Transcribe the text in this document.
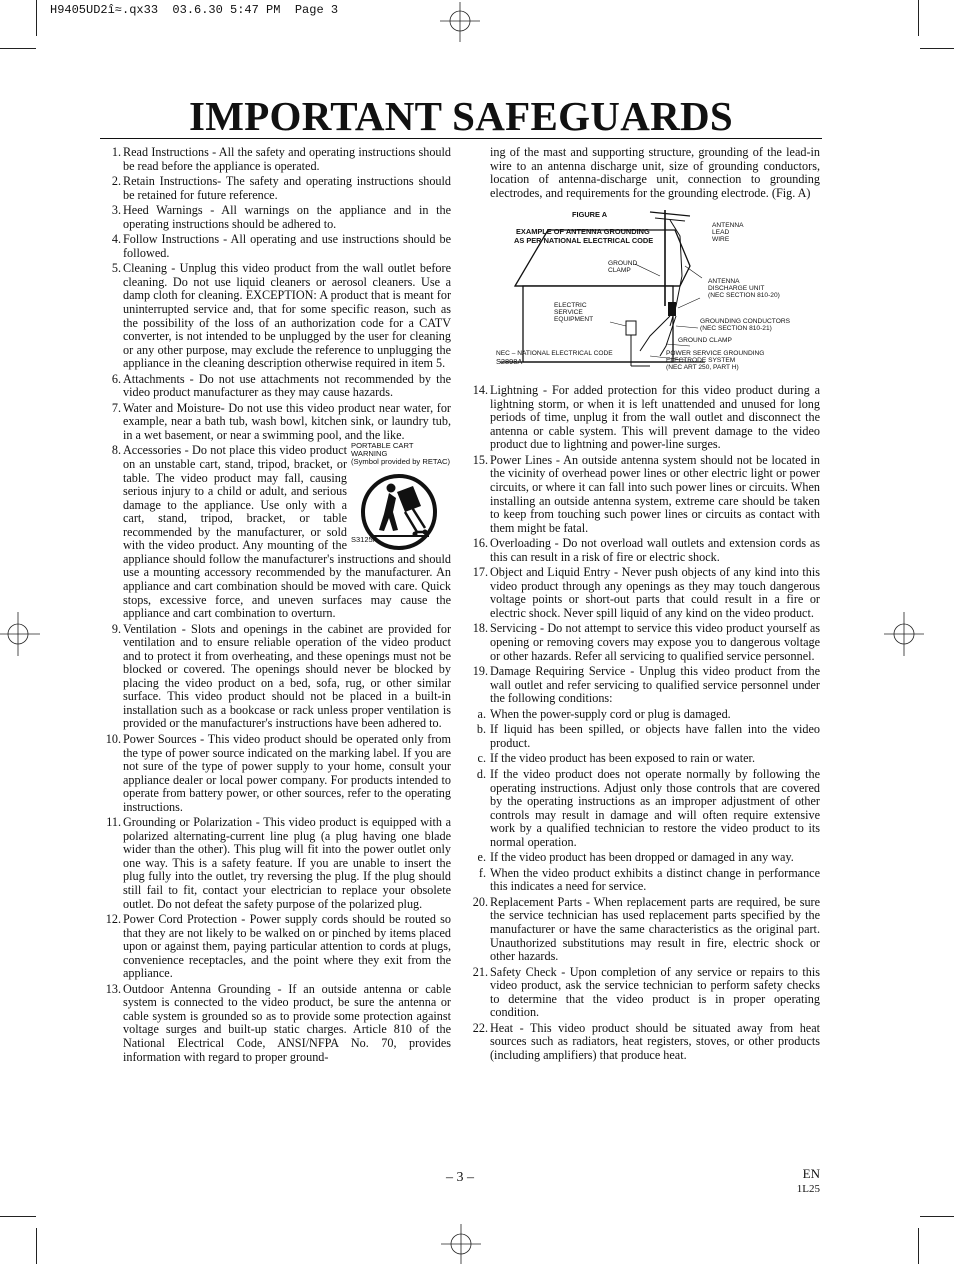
H9405UD2î≈.qx33  03.6.30 5:47 PM  Page 3
IMPORTANT SAFEGUARDS
1. Read Instructions - All the safety and operating instructions should be read before the appliance is operated.
2. Retain Instructions- The safety and operating instructions should be retained for future reference.
3. Heed Warnings - All warnings on the appliance and in the operating instructions should be adhered to.
4. Follow Instructions - All operating and use instructions should be followed.
5. Cleaning - Unplug this video product from the wall outlet before cleaning. Do not use liquid cleaners or aerosol cleaners. Use a damp cloth for cleaning. EXCEPTION: A product that is meant for uninterrupted service and, that for some specific reason, such as the possibility of the loss of an authorization code for a CATV converter, is not intended to be unplugged by the user for cleaning or any other purpose, may exclude the reference to unplugging the appliance in the cleaning description otherwise required in item 5.
6. Attachments - Do not use attachments not recommended by the video product manufacturer as they may cause hazards.
7. Water and Moisture- Do not use this video product near water, for example, near a bath tub, wash bowl, kitchen sink, or laundry tub, in a wet basement, or near a swimming pool, and the like.
8.	PORTABLE CART WARNING
(Symbol provided by RETAC)
S3125A
Accessories - Do not place this video product on an unstable cart, stand, tripod, bracket, or table. The video product may fall, causing serious injury to a child or adult, and serious damage to the appliance. Use only with a cart, stand, tripod, bracket, or table recommended by the manufacturer, or sold with the video product. Any mounting of the appliance should follow the manufacturer's instructions and should use a mounting accessory recommended by the manufacturer. An appliance and cart combination should be moved with care. Quick stops, excessive force, and uneven surfaces may cause the appliance and cart combination to overturn.
9. Ventilation - Slots and openings in the cabinet are provided for ventilation and to ensure reliable operation of the video product and to protect it from overheating, and these openings must not be blocked or covered. The openings should never be blocked by placing the video product on a bed, sofa, rug, or other similar surface. This video product should not be placed in a built-in installation such as a bookcase or rack unless proper ventilation is provided or the manufacturer's instructions have been adhered to.
10. Power Sources - This video product should be operated only from the type of power source indicated on the marking label. If you are not sure of the type of power supply to your home, consult your appliance dealer or local power company. For products intended to operate from battery power, or other sources, refer to the operating instructions.
11. Grounding or Polarization - This video product is equipped with a polarized alternating-current line plug (a plug having one blade wider than the other). This plug will fit into the power outlet only one way. This is a safety feature. If you are unable to insert the plug fully into the outlet, try reversing the plug. If the plug should still fail to fit, contact your electrician to replace your obsolete outlet. Do not defeat the safety purpose of the polarized plug.
12. Power Cord Protection - Power supply cords should be routed so that they are not likely to be walked on or pinched by items placed upon or against them, paying particular attention to cords at plugs, convenience receptacles, and the point where they exit from the appliance.
13. Outdoor Antenna Grounding - If an outside antenna or cable system is connected to the video product, be sure the antenna or cable system is grounded so as to provide some protection against voltage surges and built-up static charges. Article 810 of the National Electrical Code, ANSI/NFPA No. 70, provides information with regard to proper ground-
ing of the mast and supporting structure, grounding of the lead-in wire to an antenna discharge unit, size of grounding conductors, location of antenna-discharge unit, connection to grounding electrodes, and requirements for the grounding electrode. (Fig. A)
FIGURE A
EXAMPLE OF ANTENNA GROUNDING
AS PER NATIONAL ELECTRICAL CODE
ANTENNA
LEAD
WIRE
GROUND
CLAMP
ANTENNA
DISCHARGE UNIT
(NEC SECTION 810-20)
ELECTRIC
SERVICE
EQUIPMENT	GROUNDING CONDUCTORS
(NEC SECTION 810-21)
GROUND CLAMP
NEC – NATIONAL ELECTRICAL CODE	POWER SERVICE GROUNDING
ELECTRODE SYSTEM
(NEC ART 250, PART H)
S2898A
14. Lightning - For added protection for this video product during a lightning storm, or when it is left unattended and unused for long periods of time, unplug it from the wall outlet and disconnect the antenna or cable system. This will prevent damage to the video product due to lightning and power-line surges.
15. Power Lines - An outside antenna system should not be located in the vicinity of overhead power lines or other electric light or power circuits, or where it can fall into such power lines or circuits. When installing an outside antenna system, extreme care should be taken to keep from touching such power lines or circuits as contact with them might be fatal.
16. Overloading - Do not overload wall outlets and extension cords as this can result in a risk of fire or electric shock.
17. Object and Liquid Entry - Never push objects of any kind into this video product through any openings as they may touch dangerous voltage points or short-out parts that could result in a fire or electric shock. Never spill liquid of any kind on the video product.
18. Servicing - Do not attempt to service this video product yourself as opening or removing covers may expose you to dangerous voltage or other hazards. Refer all servicing to qualified service personnel.
19. Damage Requiring Service - Unplug this video product from the wall outlet and refer servicing to qualified service personnel under the following conditions:
a. When the power-supply cord or plug is damaged.
b. If liquid has been spilled, or objects have fallen into the video product.
c. If the video product has been exposed to rain or water.
d. If the video product does not operate normally by following the operating instructions. Adjust only those controls that are covered by the operating instructions as an improper adjustment of other controls may result in damage and will often require extensive work by a qualified technician to restore the video product to its normal operation.
e. If the video product has been dropped or damaged in any way.
f. When the video product exhibits a distinct change in performance this indicates a need for service.
20. Replacement Parts - When replacement parts are required, be sure the service technician has used replacement parts specified by the manufacturer or have the same characteristics as the original part. Unauthorized substitutions may result in fire, electric shock or other hazards.
21. Safety Check - Upon completion of any service or repairs to this video product, ask the service technician to perform safety checks to determine that the video product is in proper operating condition.
22. Heat - This video product should be situated away from heat sources such as radiators, heat registers, stoves, or other products (including amplifiers) that produce heat.
– 3 –	EN
1L25
